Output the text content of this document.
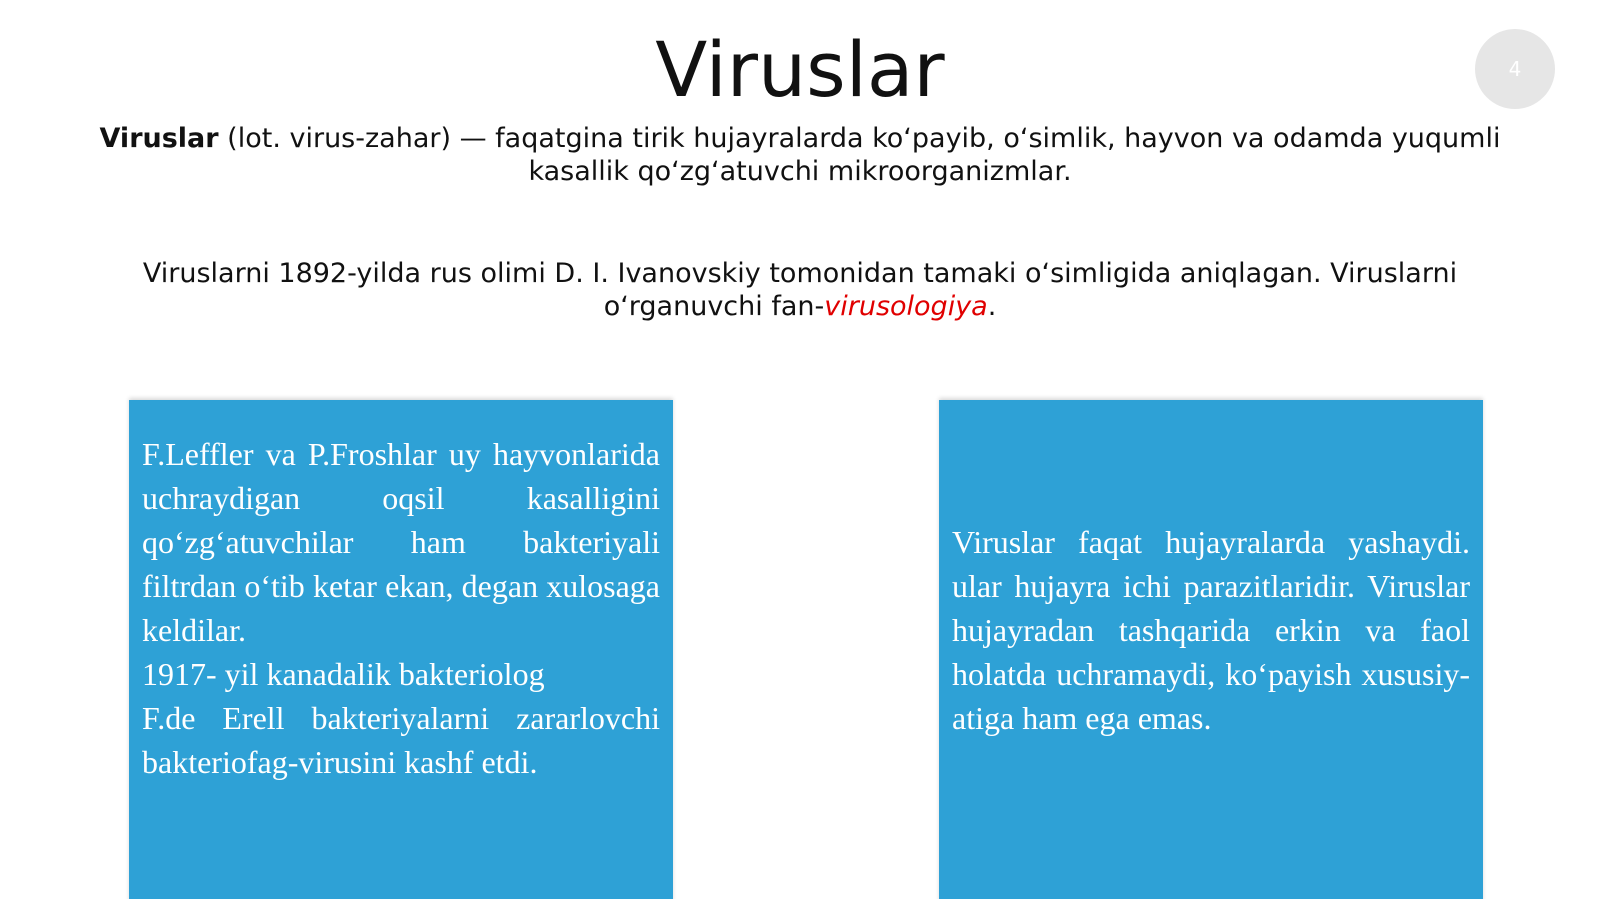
4
Viruslar

Viruslar (lot. virus-zahar) — faqatgina tirik hujayralarda koʻpayib, oʻsimlik, hayvon va odamda yuqumli kasallik qoʻzgʻatuvchi mikroorganizmlar.

Viruslarni 1892-yilda rus olimi D. I. Ivanovskiy tomonidan tamaki oʻsimligida aniqlagan. Viruslarni oʻrganuvchi fan-virusologiya.

F.Leffler va P.Froshlar uy hayvonlarida uchraydigan oqsil kasalligini qo‘zg‘atuvchilar ham bakteriyali filtrdan o‘tib ketar ekan, degan xulosaga keldilar.
1917- yil kanadalik bakteriolog
F.de Erell bakteriyalarni zararlovchi bakteriofag-virusini kashf etdi.

Viruslar faqat hujayralarda yashaydi. ular hujayra ichi parazitlaridir. Viruslar hujayradan tashqarida erkin va faol holatda uchramaydi, ko‘payish xususiy-atiga ham ega emas.
